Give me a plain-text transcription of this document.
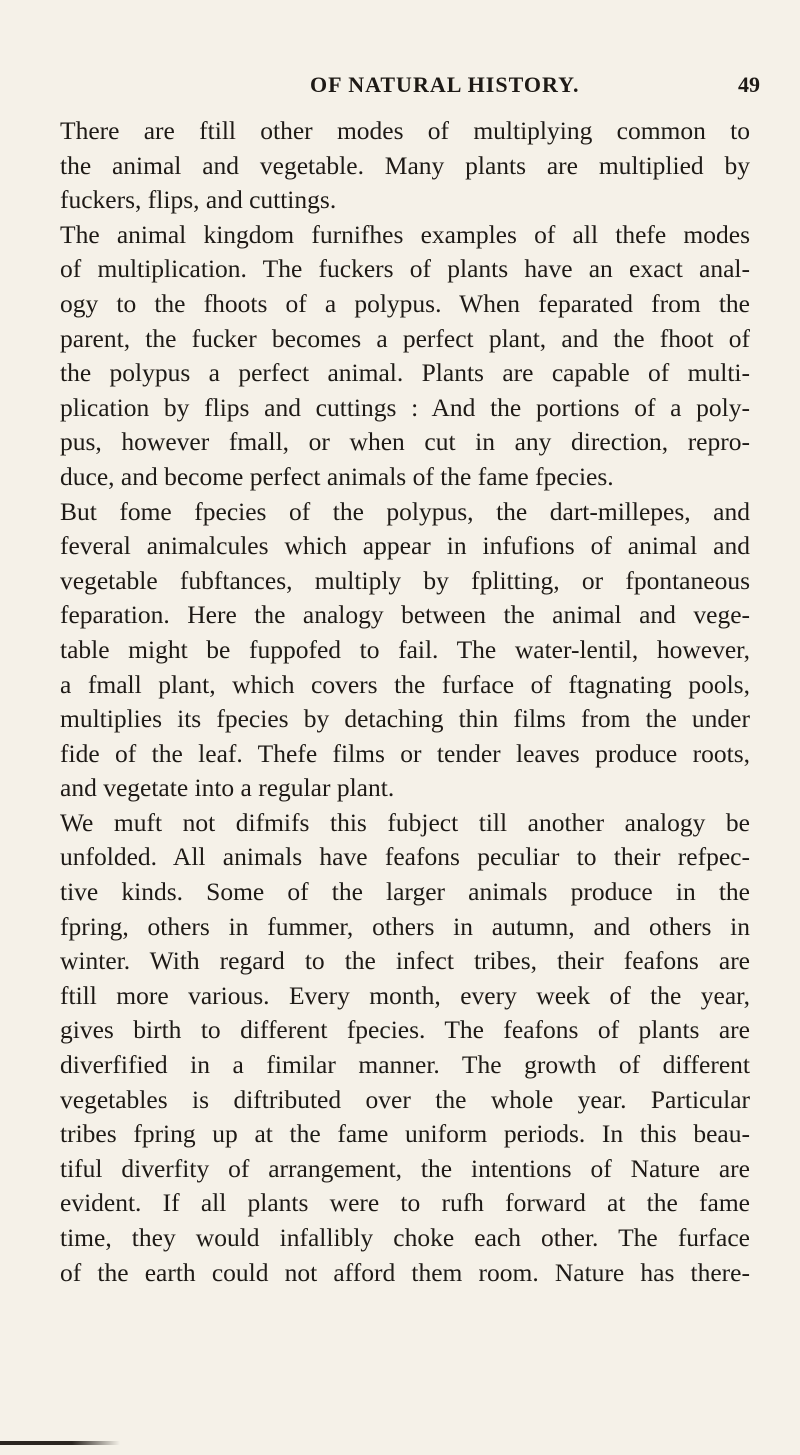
OF NATURAL HISTORY.	49
There are ftill other modes of multiplying common to
the animal and vegetable. Many plants are multiplied by
fuckers, flips, and cuttings.
The animal kingdom furnifhes examples of all thefe modes
of multiplication. The fuckers of plants have an exact anal-
ogy to the fhoots of a polypus. When feparated from the
parent, the fucker becomes a perfect plant, and the fhoot of
the polypus a perfect animal. Plants are capable of multi-
plication by flips and cuttings : And the portions of a poly-
pus, however fmall, or when cut in any direction, repro-
duce, and become perfect animals of the fame fpecies.
But fome fpecies of the polypus, the dart-millepes, and
feveral animalcules which appear in infufions of animal and
vegetable fubftances, multiply by fplitting, or fpontaneous
feparation. Here the analogy between the animal and vege-
table might be fuppofed to fail. The water-lentil, however,
a fmall plant, which covers the furface of ftagnating pools,
multiplies its fpecies by detaching thin films from the under
fide of the leaf. Thefe films or tender leaves produce roots,
and vegetate into a regular plant.
We muft not difmifs this fubject till another analogy be
unfolded. All animals have feafons peculiar to their refpec-
tive kinds. Some of the larger animals produce in the
fpring, others in fummer, others in autumn, and others in
winter. With regard to the infect tribes, their feafons are
ftill more various. Every month, every week of the year,
gives birth to different fpecies. The feafons of plants are
diverfified in a fimilar manner. The growth of different
vegetables is diftributed over the whole year. Particular
tribes fpring up at the fame uniform periods. In this beau-
tiful diverfity of arrangement, the intentions of Nature are
evident. If all plants were to rufh forward at the fame
time, they would infallibly choke each other. The furface
of the earth could not afford them room. Nature has there-
